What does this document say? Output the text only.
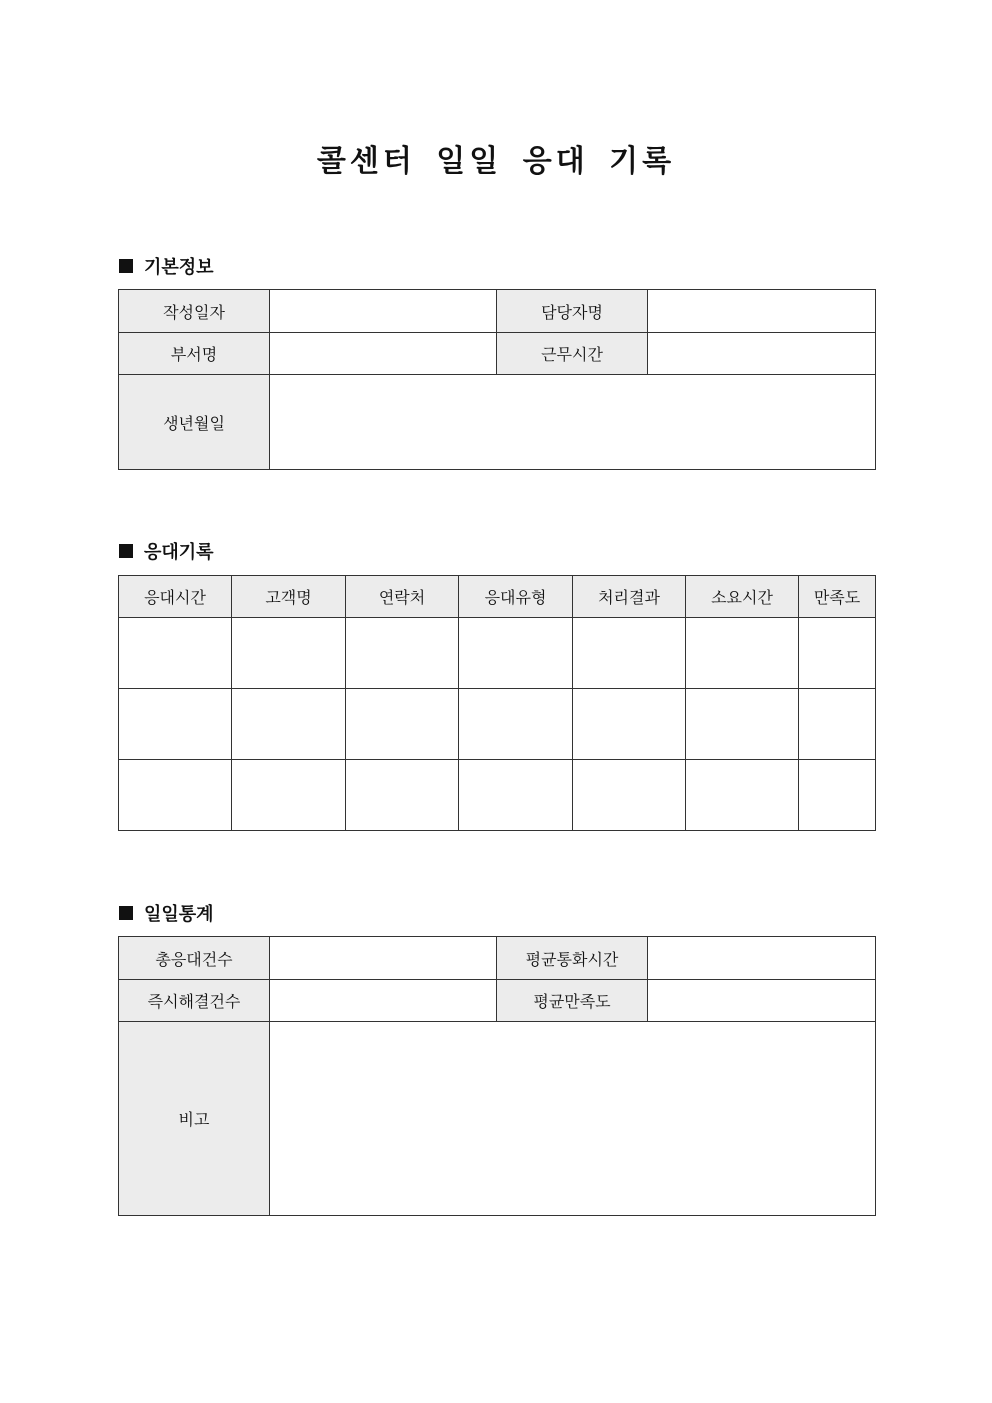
콜센터 일일 응대 기록
기본정보
작성일자		담당자명	
부서명		근무시간	
생년월일			
응대기록
응대시간	고객명	연락처	응대유형	처리결과	소요시간	만족도

일일통계
총응대건수		평균통화시간	
즉시해결건수		평균만족도	
비고			
